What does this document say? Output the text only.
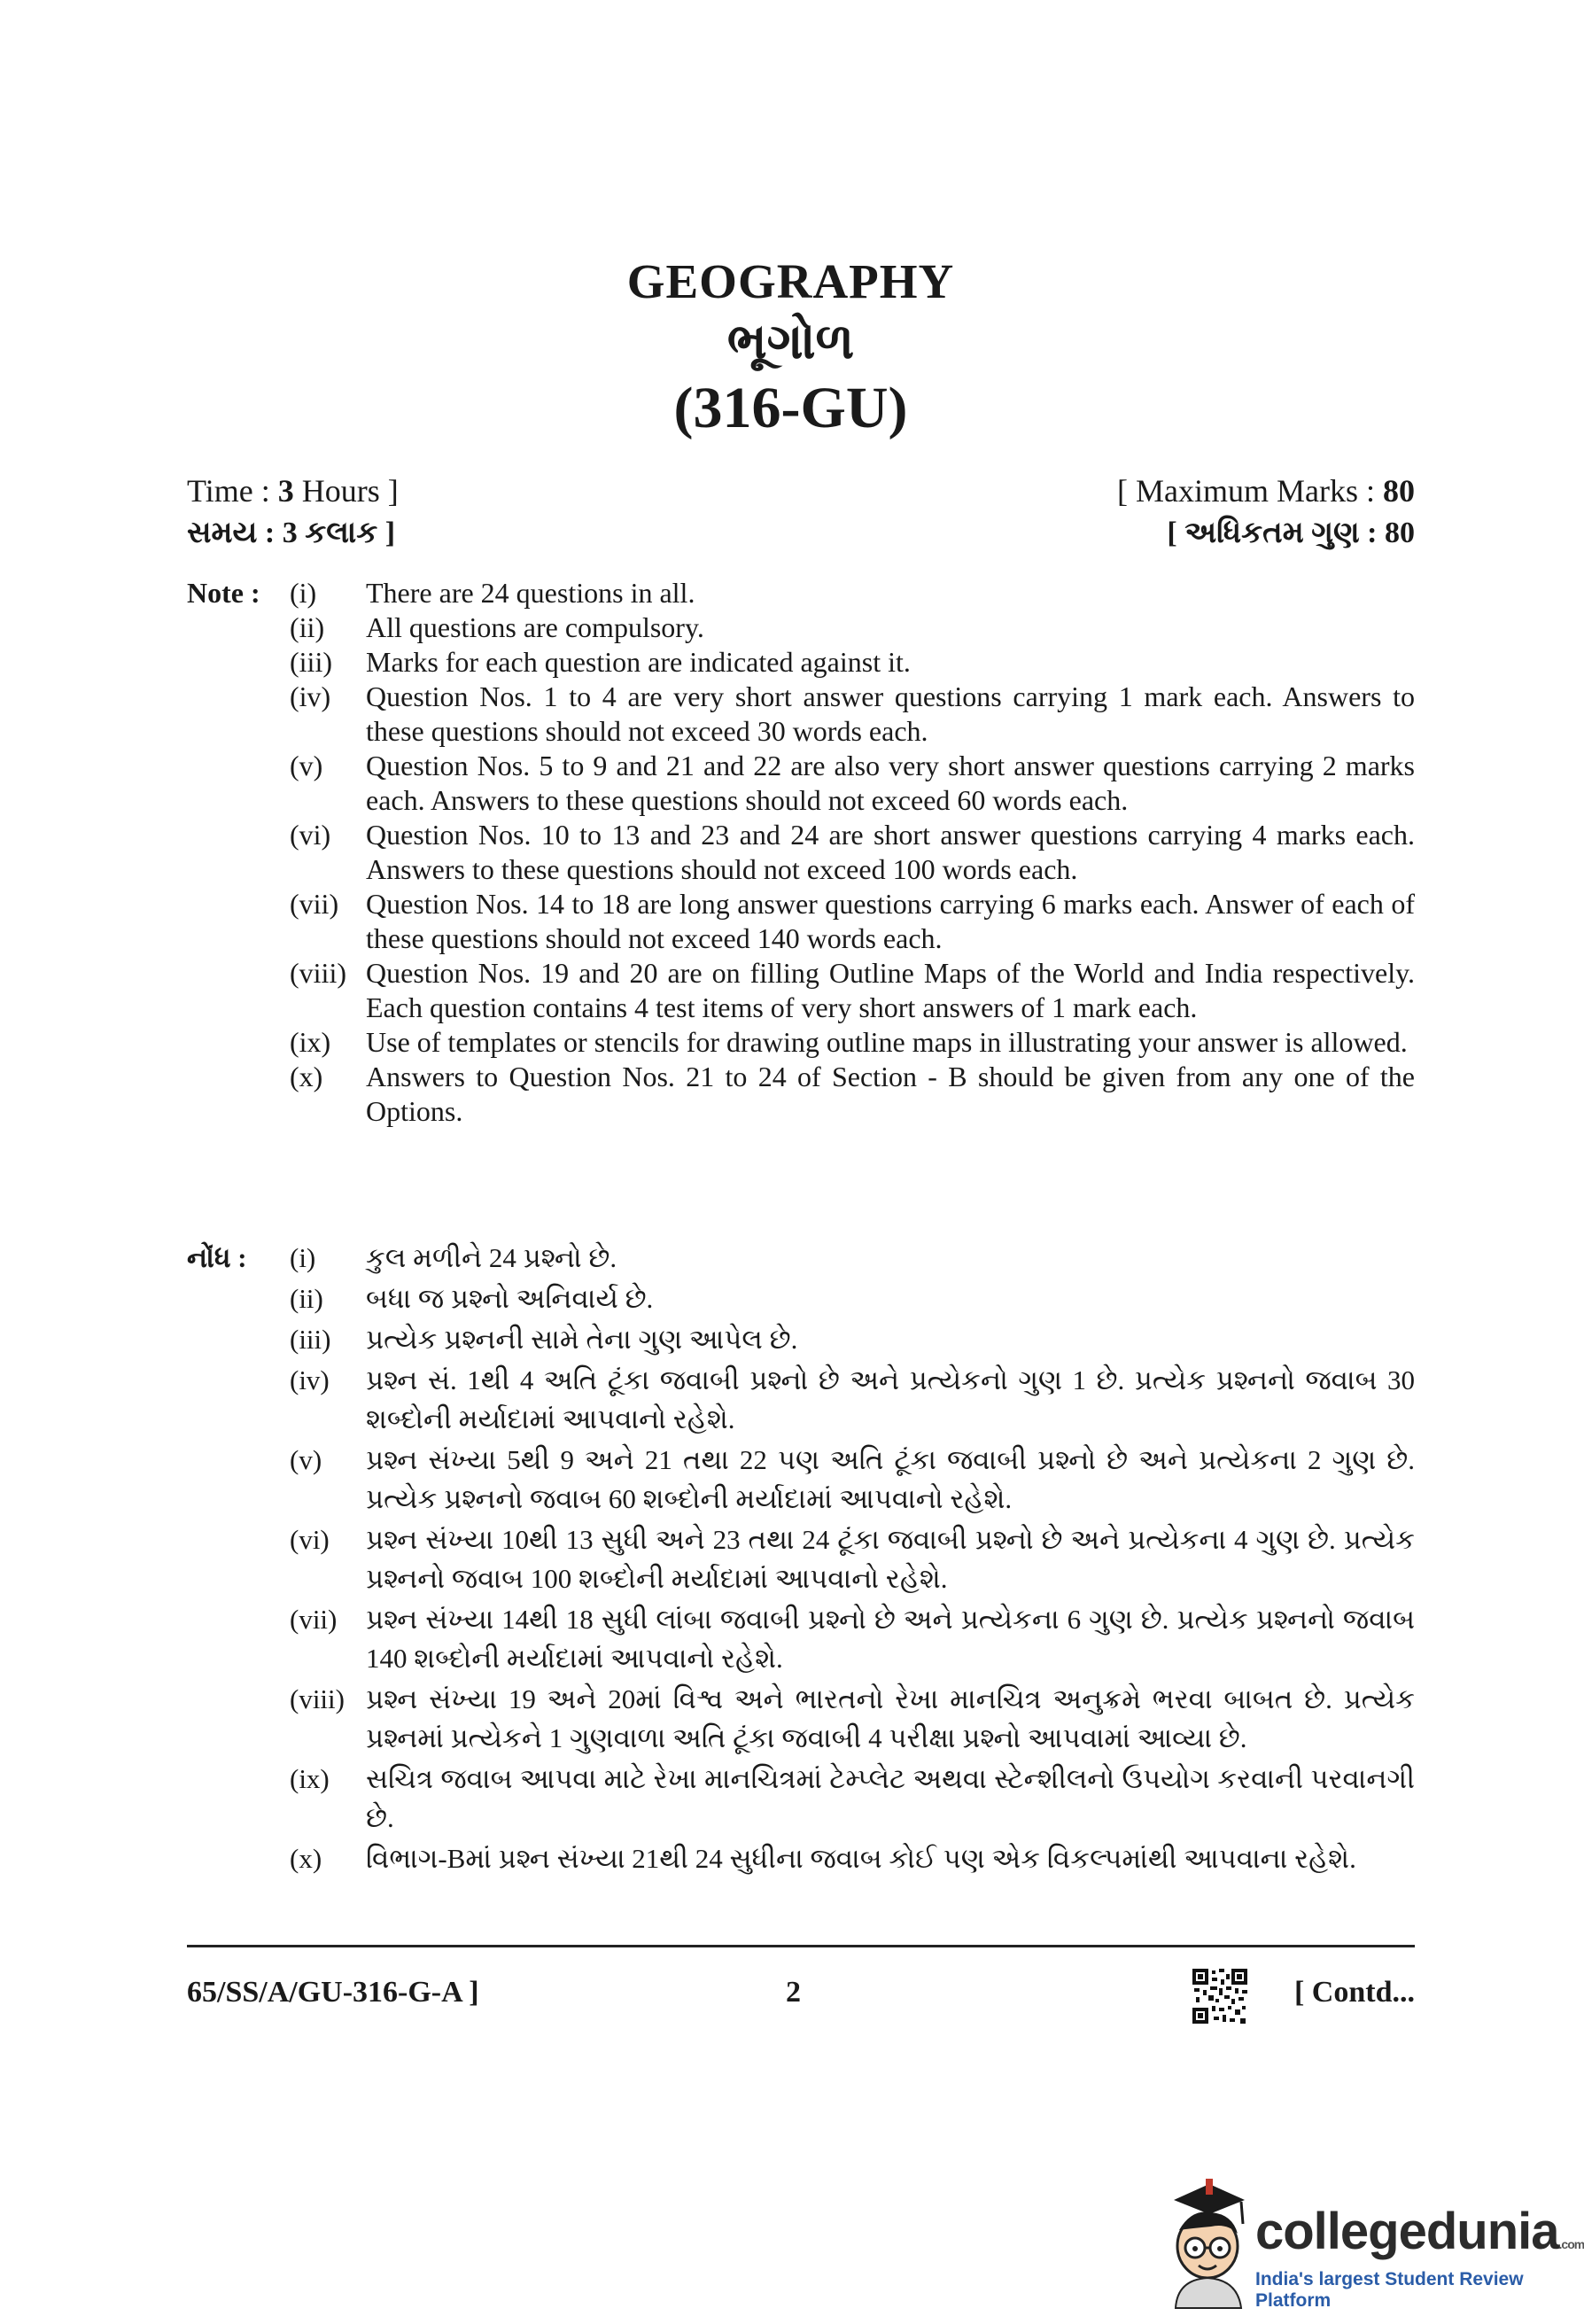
GEOGRAPHY
ભૂગોળ
(316-GU)
Time : 3 Hours ]	[ Maximum Marks : 80
સમય : 3 કલાક ]	[ અધિકતમ ગુણ : 80
Note :	(i)	There are 24 questions in all.
(ii)	All questions are compulsory.
(iii)	Marks for each question are indicated against it.
(iv)	Question Nos. 1 to 4 are very short answer questions carrying 1 mark each. Answers to these questions should not exceed 30 words each.
(v)	Question Nos. 5 to 9 and 21 and 22 are also very short answer questions carrying 2 marks each. Answers to these questions should not exceed 60 words each.
(vi)	Question Nos. 10 to 13 and 23 and 24 are short answer questions carrying 4 marks each. Answers to these questions should not exceed 100 words each.
(vii) Question Nos. 14 to 18 are long answer questions carrying 6 marks each. Answer of each of these questions should not exceed 140 words each.
(viii) Question Nos. 19 and 20 are on filling Outline Maps of the World and India respectively. Each question contains 4 test items of very short answers of 1 mark each.
(ix)	Use of templates or stencils for drawing outline maps in illustrating your answer is allowed.
(x)	Answers to Question Nos. 21 to 24 of Section - B should be given from any one of the Options.
નોંધ :	(i)	કુલ મળીને 24 પ્રશ્નો છે.
(ii)	બધા જ પ્રશ્નો અનિવાર્ય છે.
(iii)	પ્રત્યેક પ્રશ્નની સામે તેના ગુણ આપેલ છે.
(iv)	પ્રશ્ન સં. 1થી 4 અતિ ટૂંકા જવાબી પ્રશ્નો છે અને પ્રત્યેકનો ગુણ 1 છે. પ્રત્યેક પ્રશ્નનો જવાબ 30 શબ્દોની મર્યાદામાં આપવાનો રહેશે.
(v)	પ્રશ્ન સંખ્યા 5થી 9 અને 21 તથા 22 પણ અતિ ટૂંકા જવાબી પ્રશ્નો છે અને પ્રત્યેકના 2 ગુણ છે. પ્રત્યેક પ્રશ્નનો જવાબ 60 શબ્દોની મર્યાદામાં આપવાનો રહેશે.
(vi)	પ્રશ્ન સંખ્યા 10થી 13 સુધી અને 23 તથા 24 ટૂંકા જવાબી પ્રશ્નો છે અને પ્રત્યેકના 4 ગુણ છે. પ્રત્યેક પ્રશ્નનો જવાબ 100 શબ્દોની મર્યાદામાં આપવાનો રહેશે.
(vii)	પ્રશ્ન સંખ્યા 14થી 18 સુધી લાંબા જવાબી પ્રશ્નો છે અને પ્રત્યેકના 6 ગુણ છે. પ્રત્યેક પ્રશ્નનો જવાબ 140 શબ્દોની મર્યાદામાં આપવાનો રહેશે.
(viii) પ્રશ્ન સંખ્યા 19 અને 20માં વિશ્વ અને ભારતનો રેખા માનચિત્ર અનુક્રમે ભરવા બાબત છે. પ્રત્યેક પ્રશ્નમાં પ્રત્યેકને 1 ગુણવાળા અતિ ટૂંકા જવાબી 4 પરીક્ષા પ્રશ્નો આપવામાં આવ્યા છે.
(ix)	સચિત્ર જવાબ આપવા માટે રેખા માનચિત્રમાં ટેમ્પ્લેટ અથવા સ્ટેન્શીલનો ઉપયોગ કરવાની પરવાનગી છે.
(x)	વિભાગ-Bમાં પ્રશ્ન સંખ્યા 21થી 24 સુધીના જવાબ કોઈ પણ એક વિકલ્પમાંથી આપવાના રહેશે.
65/SS/A/GU-316-G-A ]	2	[ Contd...
collegedunia.com
India's largest Student Review Platform
